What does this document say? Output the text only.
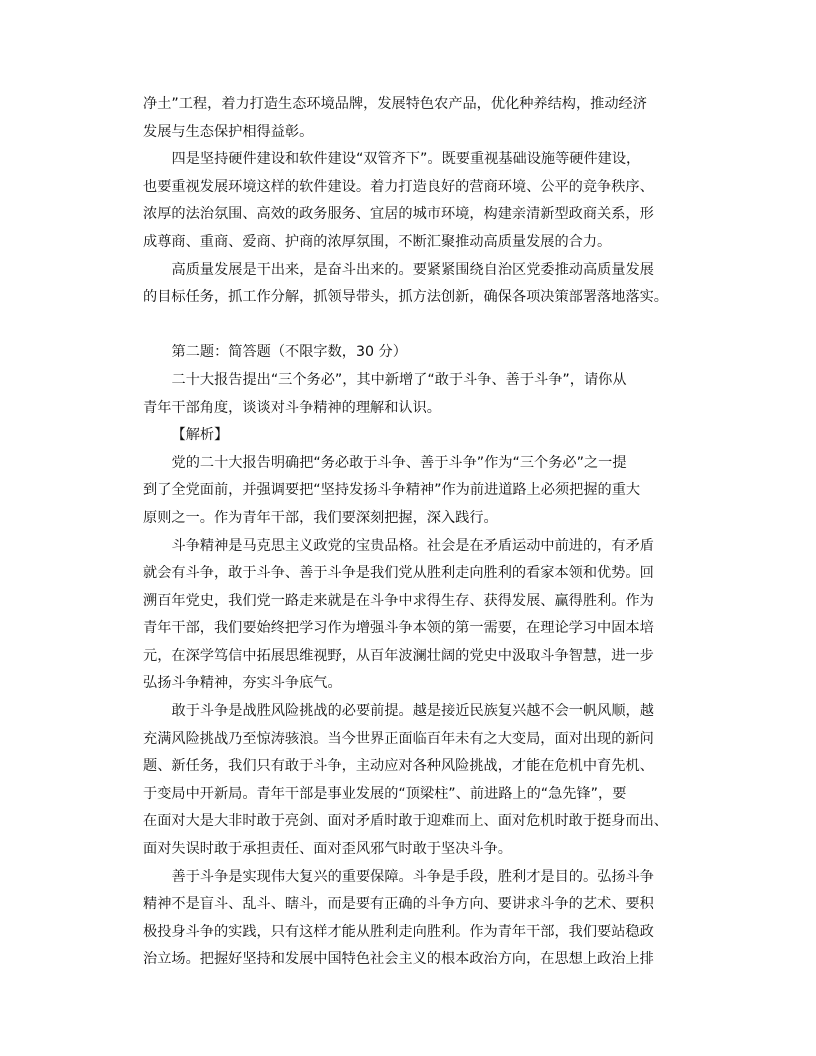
净土”工程，着力打造生态环境品牌，发展特色农产品，优化种养结构，推动经济
发展与生态保护相得益彰。
四是坚持硬件建设和软件建设“双管齐下”。既要重视基础设施等硬件建设，
也要重视发展环境这样的软件建设。着力打造良好的营商环境、公平的竞争秩序、
浓厚的法治氛围、高效的政务服务、宜居的城市环境，构建亲清新型政商关系，形
成尊商、重商、爱商、护商的浓厚氛围，不断汇聚推动高质量发展的合力。
高质量发展是干出来，是奋斗出来的。要紧紧围绕自治区党委推动高质量发展
的目标任务，抓工作分解，抓领导带头，抓方法创新，确保各项决策部署落地落实。
第二题：简答题（不限字数，30 分）
二十大报告提出“三个务必”，其中新增了“敢于斗争、善于斗争”，请你从
青年干部角度，谈谈对斗争精神的理解和认识。
【解析】
党的二十大报告明确把“务必敢于斗争、善于斗争”作为“三个务必”之一提
到了全党面前，并强调要把“坚持发扬斗争精神”作为前进道路上必须把握的重大
原则之一。作为青年干部，我们要深刻把握，深入践行。
斗争精神是马克思主义政党的宝贵品格。社会是在矛盾运动中前进的，有矛盾
就会有斗争，敢于斗争、善于斗争是我们党从胜利走向胜利的看家本领和优势。回
溯百年党史，我们党一路走来就是在斗争中求得生存、获得发展、赢得胜利。作为
青年干部，我们要始终把学习作为增强斗争本领的第一需要，在理论学习中固本培
元，在深学笃信中拓展思维视野，从百年波澜壮阔的党史中汲取斗争智慧，进一步
弘扬斗争精神，夯实斗争底气。
敢于斗争是战胜风险挑战的必要前提。越是接近民族复兴越不会一帆风顺，越
充满风险挑战乃至惊涛骇浪。当今世界正面临百年未有之大变局，面对出现的新问
题、新任务，我们只有敢于斗争，主动应对各种风险挑战，才能在危机中育先机、
于变局中开新局。青年干部是事业发展的“顶梁柱”、前进路上的“急先锋”，要
在面对大是大非时敢于亮剑、面对矛盾时敢于迎难而上、面对危机时敢于挺身而出、
面对失误时敢于承担责任、面对歪风邪气时敢于坚决斗争。
善于斗争是实现伟大复兴的重要保障。斗争是手段，胜利才是目的。弘扬斗争
精神不是盲斗、乱斗、瞎斗，而是要有正确的斗争方向、要讲求斗争的艺术、要积
极投身斗争的实践，只有这样才能从胜利走向胜利。作为青年干部，我们要站稳政
治立场。把握好坚持和发展中国特色社会主义的根本政治方向，在思想上政治上排
